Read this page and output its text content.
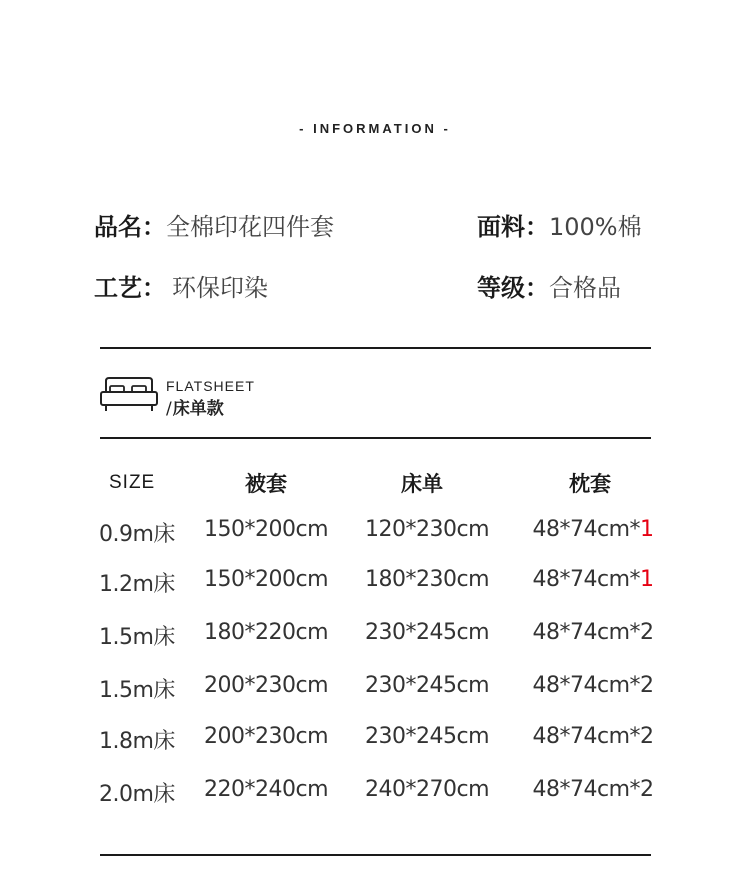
- INFORMATION -
品名：全棉印花四件套	面料：100%棉
工艺： 环保印染	等级：合格品
FLATSHEET
/床单款
SIZE	被套	床单	枕套
0.9m床 150*200cm 120*230cm 48*74cm*1
1.2m床 150*200cm 180*230cm 48*74cm*1
1.5m床 180*220cm 230*245cm 48*74cm*2
1.5m床 200*230cm 230*245cm 48*74cm*2
1.8m床 200*230cm 230*245cm 48*74cm*2
2.0m床 220*240cm 240*270cm 48*74cm*2
